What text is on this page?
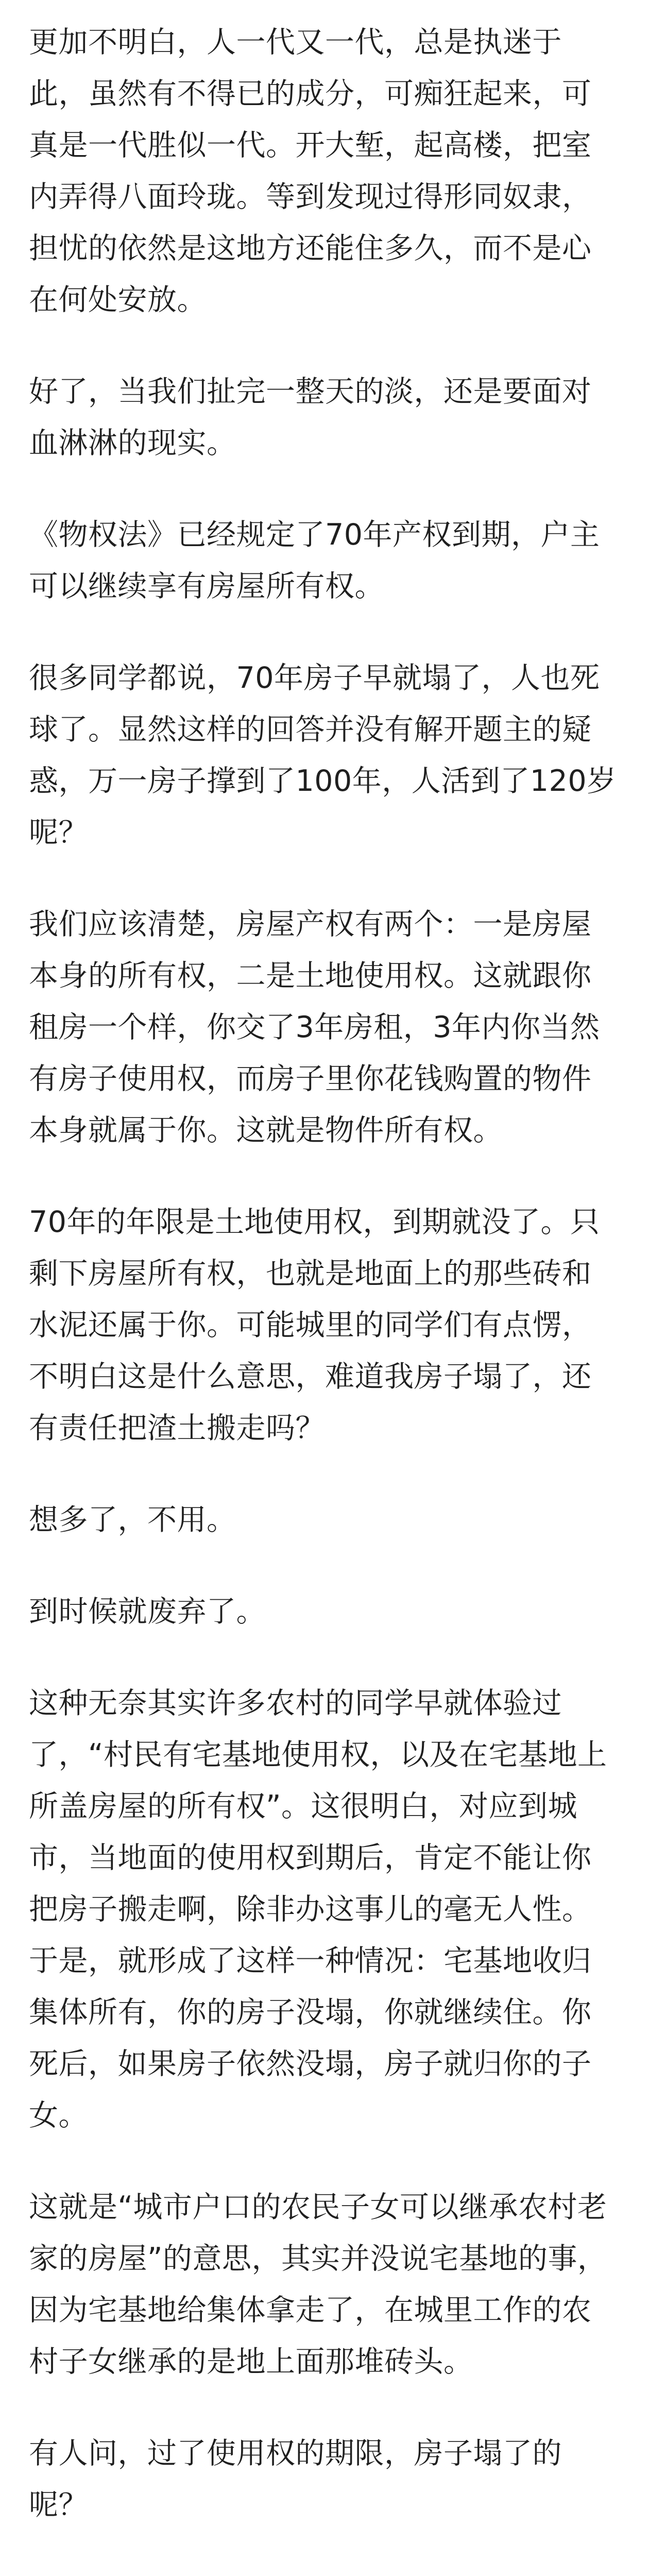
更加不明白，人一代又一代，总是执迷于此，虽然有不得已的成分，可痴狂起来，可真是一代胜似一代。开大堑，起高楼，把室内弄得八面玲珑。等到发现过得形同奴隶，担忧的依然是这地方还能住多久，而不是心在何处安放。

好了，当我们扯完一整天的淡，还是要面对血淋淋的现实。

《物权法》已经规定了70年产权到期，户主可以继续享有房屋所有权。

很多同学都说，70年房子早就塌了，人也死球了。显然这样的回答并没有解开题主的疑惑，万一房子撑到了100年，人活到了120岁呢？

我们应该清楚，房屋产权有两个：一是房屋本身的所有权，二是土地使用权。这就跟你租房一个样，你交了3年房租，3年内你当然有房子使用权，而房子里你花钱购置的物件本身就属于你。这就是物件所有权。

70年的年限是土地使用权，到期就没了。只剩下房屋所有权，也就是地面上的那些砖和水泥还属于你。可能城里的同学们有点愣，不明白这是什么意思，难道我房子塌了，还有责任把渣土搬走吗？

想多了，不用。

到时候就废弃了。

这种无奈其实许多农村的同学早就体验过了，“村民有宅基地使用权，以及在宅基地上所盖房屋的所有权”。这很明白，对应到城市，当地面的使用权到期后，肯定不能让你把房子搬走啊，除非办这事儿的毫无人性。于是，就形成了这样一种情况：宅基地收归集体所有，你的房子没塌，你就继续住。你死后，如果房子依然没塌，房子就归你的子女。

这就是“城市户口的农民子女可以继承农村老家的房屋”的意思，其实并没说宅基地的事，因为宅基地给集体拿走了，在城里工作的农村子女继承的是地上面那堆砖头。

有人问，过了使用权的期限，房子塌了的呢？
